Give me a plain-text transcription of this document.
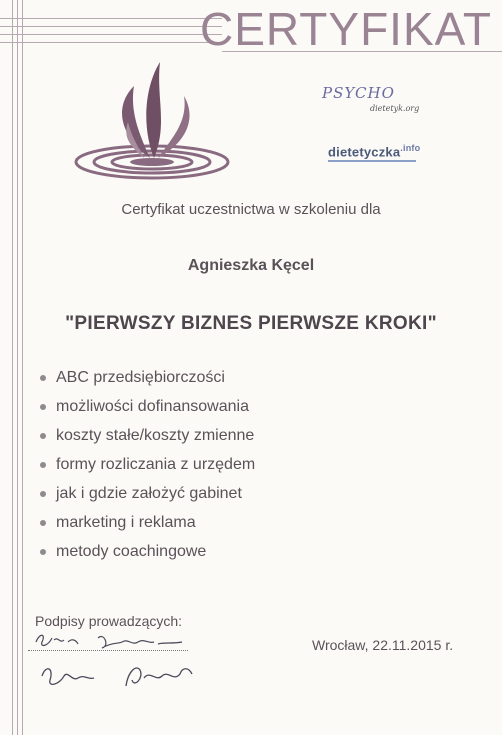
CERTYFIKAT
PSYCHO
dietetyk.org
dietetyczka$^{.info}$
Certyfikat uczestnictwa w szkoleniu dla
Agnieszka Kęcel
"PIERWSZY BIZNES PIERWSZE KROKI"
ABC przedsiębiorczości
możliwości dofinansowania
koszty stałe/koszty zmienne
formy rozliczania z urzędem
jak i gdzie założyć gabinet
marketing i reklama
metody coachingowe
Podpisy prowadzących:
Wrocław, 22.11.2015 r.
